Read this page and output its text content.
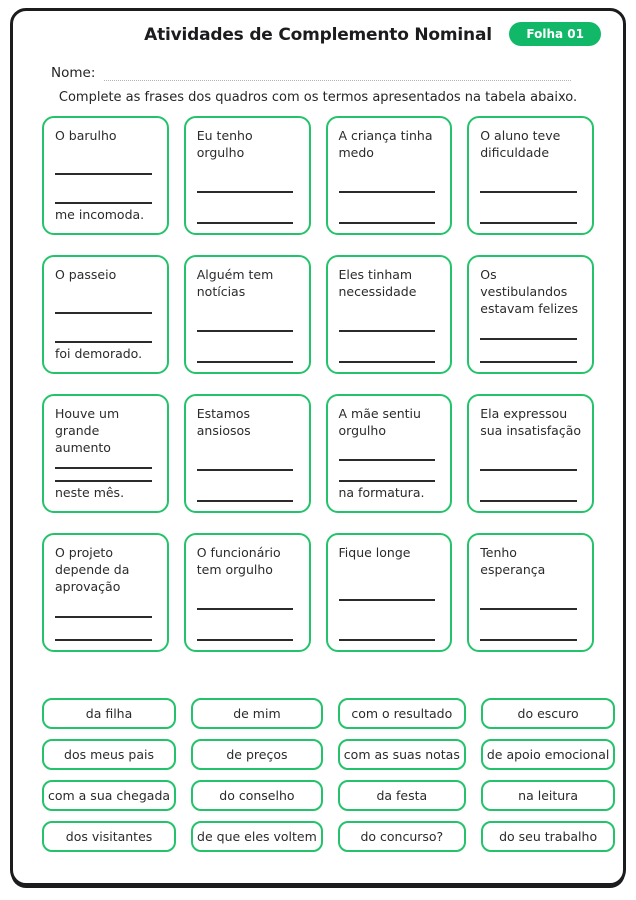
Atividades de Complemento Nominal	Folha 01
Nome:
Complete as frases dos quadros com os termos apresentados na tabela abaixo.
O barulho
me incomoda.
Eu tenho orgulho
A criança tinha medo
O aluno teve dificuldade
O passeio
foi demorado.
Alguém tem notícias
Eles tinham necessidade
Os vestibulandos estavam felizes
Houve um grande aumento
neste mês.
Estamos ansiosos
A mãe sentiu orgulho
na formatura.
Ela expressou sua insatisfação
O projeto depende da aprovação
O funcionário tem orgulho
Fique longe	Tenho esperança
da filha	de mim	com o resultado	do escuro
dos meus pais	de preços	com as suas notas	de apoio emocional
com a sua chegada	do conselho	da festa	na leitura
dos visitantes	de que eles voltem	do concurso?	do seu trabalho
